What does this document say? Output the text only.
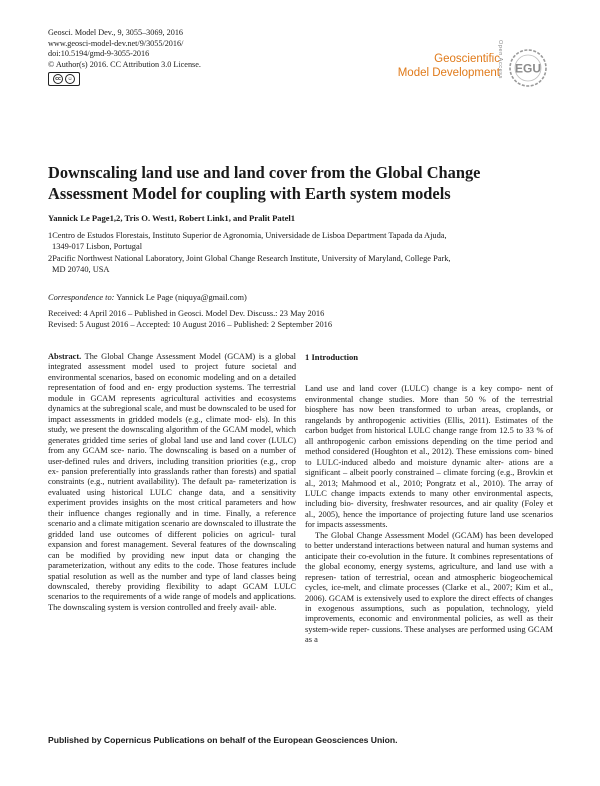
Geosci. Model Dev., 9, 3055–3069, 2016
www.geosci-model-dev.net/9/3055/2016/
doi:10.5194/gmd-9-3055-2016
© Author(s) 2016. CC Attribution 3.0 License.
cc	☺
Geoscientific
Model Development
Open Access EGU
Downscaling land use and land cover from the Global Change
Assessment Model for coupling with Earth system models
Yannick Le Page1,2, Tris O. West1, Robert Link1, and Pralit Patel1
1Centro de Estudos Florestais, Instituto Superior de Agronomia, Universidade de Lisboa Department Tapada da Ajuda,
1349-017 Lisbon, Portugal
2Pacific Northwest National Laboratory, Joint Global Change Research Institute, University of Maryland, College Park,
MD 20740, USA
Correspondence to: Yannick Le Page (niquya@gmail.com)
Received: 4 April 2016 – Published in Geosci. Model Dev. Discuss.: 23 May 2016
Revised: 5 August 2016 – Accepted: 10 August 2016 – Published: 2 September 2016

Abstract. The Global Change Assessment Model (GCAM) is a global integrated assessment model used to project future societal and environmental scenarios, based on economic modeling and on a detailed representation of food and en- ergy production systems. The terrestrial module in GCAM represents agricultural activities and ecosystems dynamics at the subregional scale, and must be downscaled to be used for impact assessments in gridded models (e.g., climate mod- els). In this study, we present the downscaling algorithm of the GCAM model, which generates gridded time series of global land use and land cover (LULC) from any GCAM sce- nario. The downscaling is based on a number of user-defined rules and drivers, including transition priorities (e.g., crop ex- pansion preferentially into grasslands rather than forests) and spatial constraints (e.g., nutrient availability). The default pa- rameterization is evaluated using historical LULC change data, and a sensitivity experiment provides insights on the most critical parameters and how their influence changes regionally and in time. Finally, a reference scenario and a climate mitigation scenario are downscaled to illustrate the gridded land use outcomes of different policies on agricul- tural expansion and forest management. Several features of the downscaling can be modified by providing new input data or changing the parameterization, without any edits to the code. Those features include spatial resolution as well as the number and type of land classes being downscaled, thereby providing flexibility to adapt GCAM LULC scenarios to the requirements of a wide range of models and applications. The downscaling system is version controlled and freely avail- able.

1 Introduction

Land use and land cover (LULC) change is a key compo- nent of environmental change studies. More than 50 % of the terrestrial biosphere has now been transformed to urban areas, croplands, or rangelands by anthropogenic activities (Ellis, 2011). Estimates of the carbon budget from historical LULC change range from 12.5 to 33 % of all anthropogenic carbon emissions depending on the time period and method considered (Houghton et al., 2012). These emissions com- bined to LULC-induced albedo and moisture dynamic alter- ations are a significant – albeit poorly constrained – climate forcing (e.g., Brovkin et al., 2013; Mahmood et al., 2010; Pongratz et al., 2010). The array of LULC change impacts extends to many other environmental aspects, including bio- diversity, freshwater resources, and air quality (Foley et al., 2005), hence the importance of projecting future land use scenarios for impacts assessments.

The Global Change Assessment Model (GCAM) has been developed to better understand interactions between natural and human systems and anticipate their co-evolution in the future. It combines representations of the global economy, energy systems, agriculture, and land use with a represen- tation of terrestrial, ocean and atmospheric biogeochemical cycles, ice-melt, and climate processes (Clarke et al., 2007; Kim et al., 2006). GCAM is extensively used to explore the direct effects of changes in exogenous assumptions, such as population, technology, yield improvements, economic and environmental policies, as well as their system-wide reper- cussions. These analyses are performed using GCAM as a

Published by Copernicus Publications on behalf of the European Geosciences Union.
